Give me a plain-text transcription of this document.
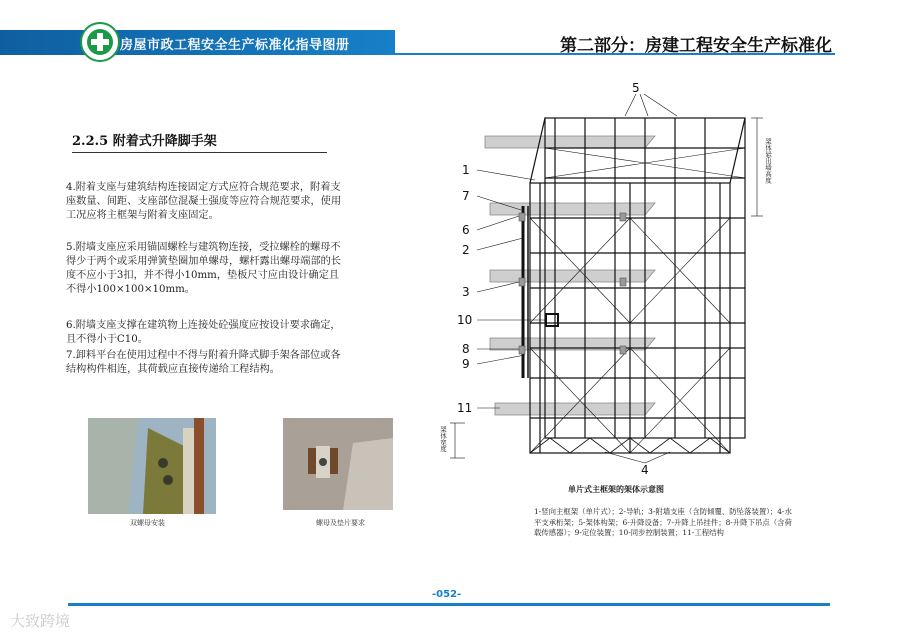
房屋市政工程安全生产标准化指导图册	第二部分：房建工程安全生产标准化
2.2.5 附着式升降脚手架
4.附着支座与建筑结构连接固定方式应符合规范要求，附着支座数量、间距、支座部位混凝土强度等应符合规范要求，使用工况应将主框架与附着支座固定。
5.附墙支座应采用锚固螺栓与建筑物连接，受拉螺栓的螺母不得少于两个或采用弹簧垫圈加单螺母，螺杆露出螺母端部的长度不应小于3扣，并不得小10mm，垫板尺寸应由设计确定且不得小100×100×10mm。
6.附墙支座支撑在建筑物上连接处砼强度应按设计要求确定，且不得小于C10。
7.卸料平台在使用过程中不得与附着升降式脚手架各部位或各结构构件相连，其荷载应直接传递给工程结构。
双螺母安装	螺母及垫片要求
1
7
6
2
3
10
8
9
11
5
4
架体悬出墙高度
架体宽度
单片式主框架的架体示意图
1-竖向主框架（单片式）；2-导轨；3-附墙支座（含防倾覆、防坠落装置）；4-水平支承桁架；5-架体构架；6-升降设备；7-升降上吊挂件；8-升降下吊点（含荷载传感器）；9-定位装置；10-同步控制装置；11-工程结构
-052-
大致跨境
